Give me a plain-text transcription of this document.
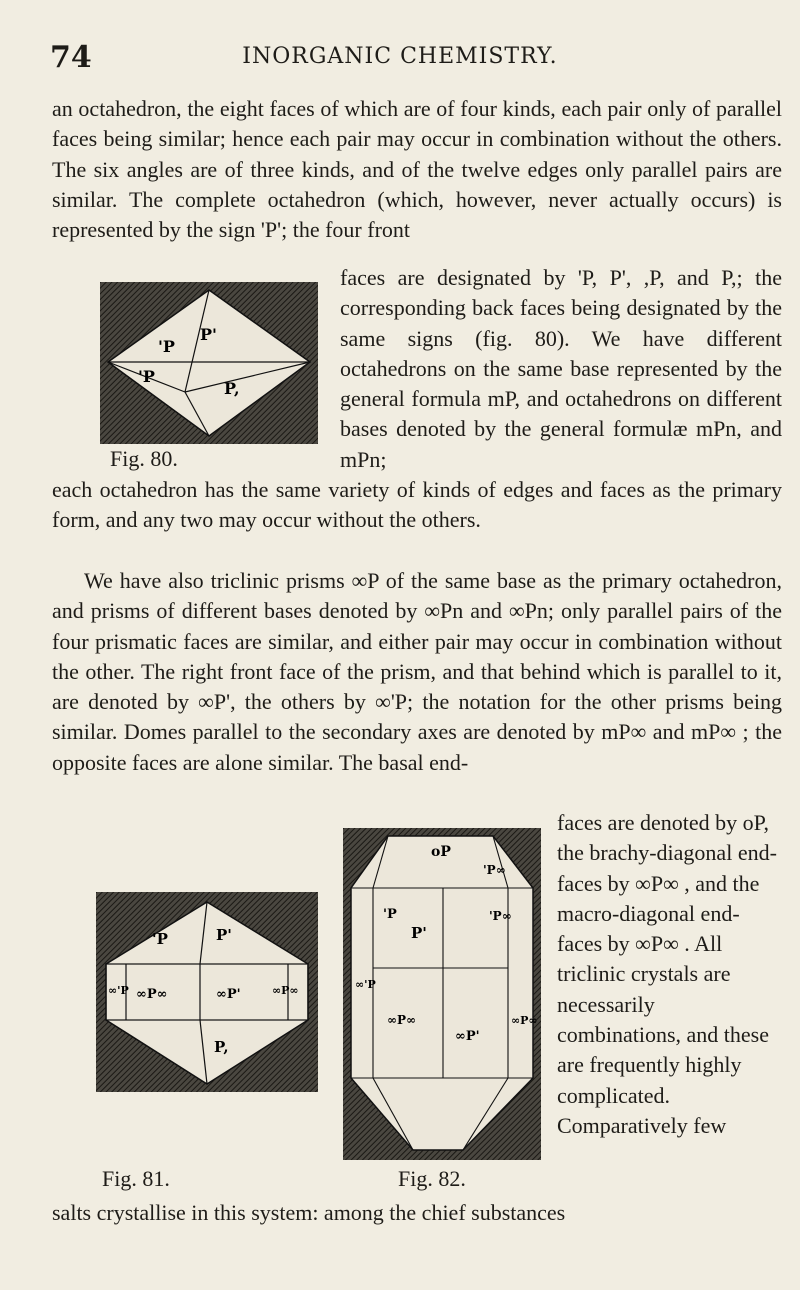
74	INORGANIC CHEMISTRY.

an octahedron, the eight faces of which are of four kinds, each pair only of parallel faces being similar; hence each pair may occur in combination without the others. The six angles are of three kinds, and of the twelve edges only parallel pairs are similar. The complete octahedron (which, however, never actually occurs) is represented by the sign 'P'; the four front

'P
P'
'P
P,
Fig. 80.

faces are designated by 'P, P', ,P, and P,; the corresponding back faces being designated by the same signs (fig. 80). We have different octahedrons on the same base represented by the general formula mP, and octahedrons on different bases denoted by the general formulæ mPn, and mPn;

each octahedron has the same variety of kinds of edges and faces as the primary form, and any two may occur without the others.

We have also triclinic prisms ∞P of the same base as the primary octahedron, and prisms of different bases denoted by ∞Pn and ∞Pn; only parallel pairs of the four prismatic faces are similar, and either pair may occur in combination without the other. The right front face of the prism, and that behind which is parallel to it, are denoted by ∞P', the others by ∞'P; the notation for the other prisms being similar. Domes parallel to the secondary axes are denoted by mP∞ and mP∞ ; the opposite faces are alone similar. The basal end-

'P	P'
∞P∞	∞P'	∞P∞
∞'P
P,
Fig. 81.
oP
'P∞
P'
'P∞
'P
∞P∞
∞P'
∞'P
∞P∞
Fig. 82.

faces are denoted by oP, the brachy-diagonal end-faces by ∞P∞ , and the macro-diagonal end-faces by ∞P∞ . All triclinic crystals are necessarily combinations, and these are frequently highly complicated. Comparatively few

salts crystallise in this system: among the chief substances
